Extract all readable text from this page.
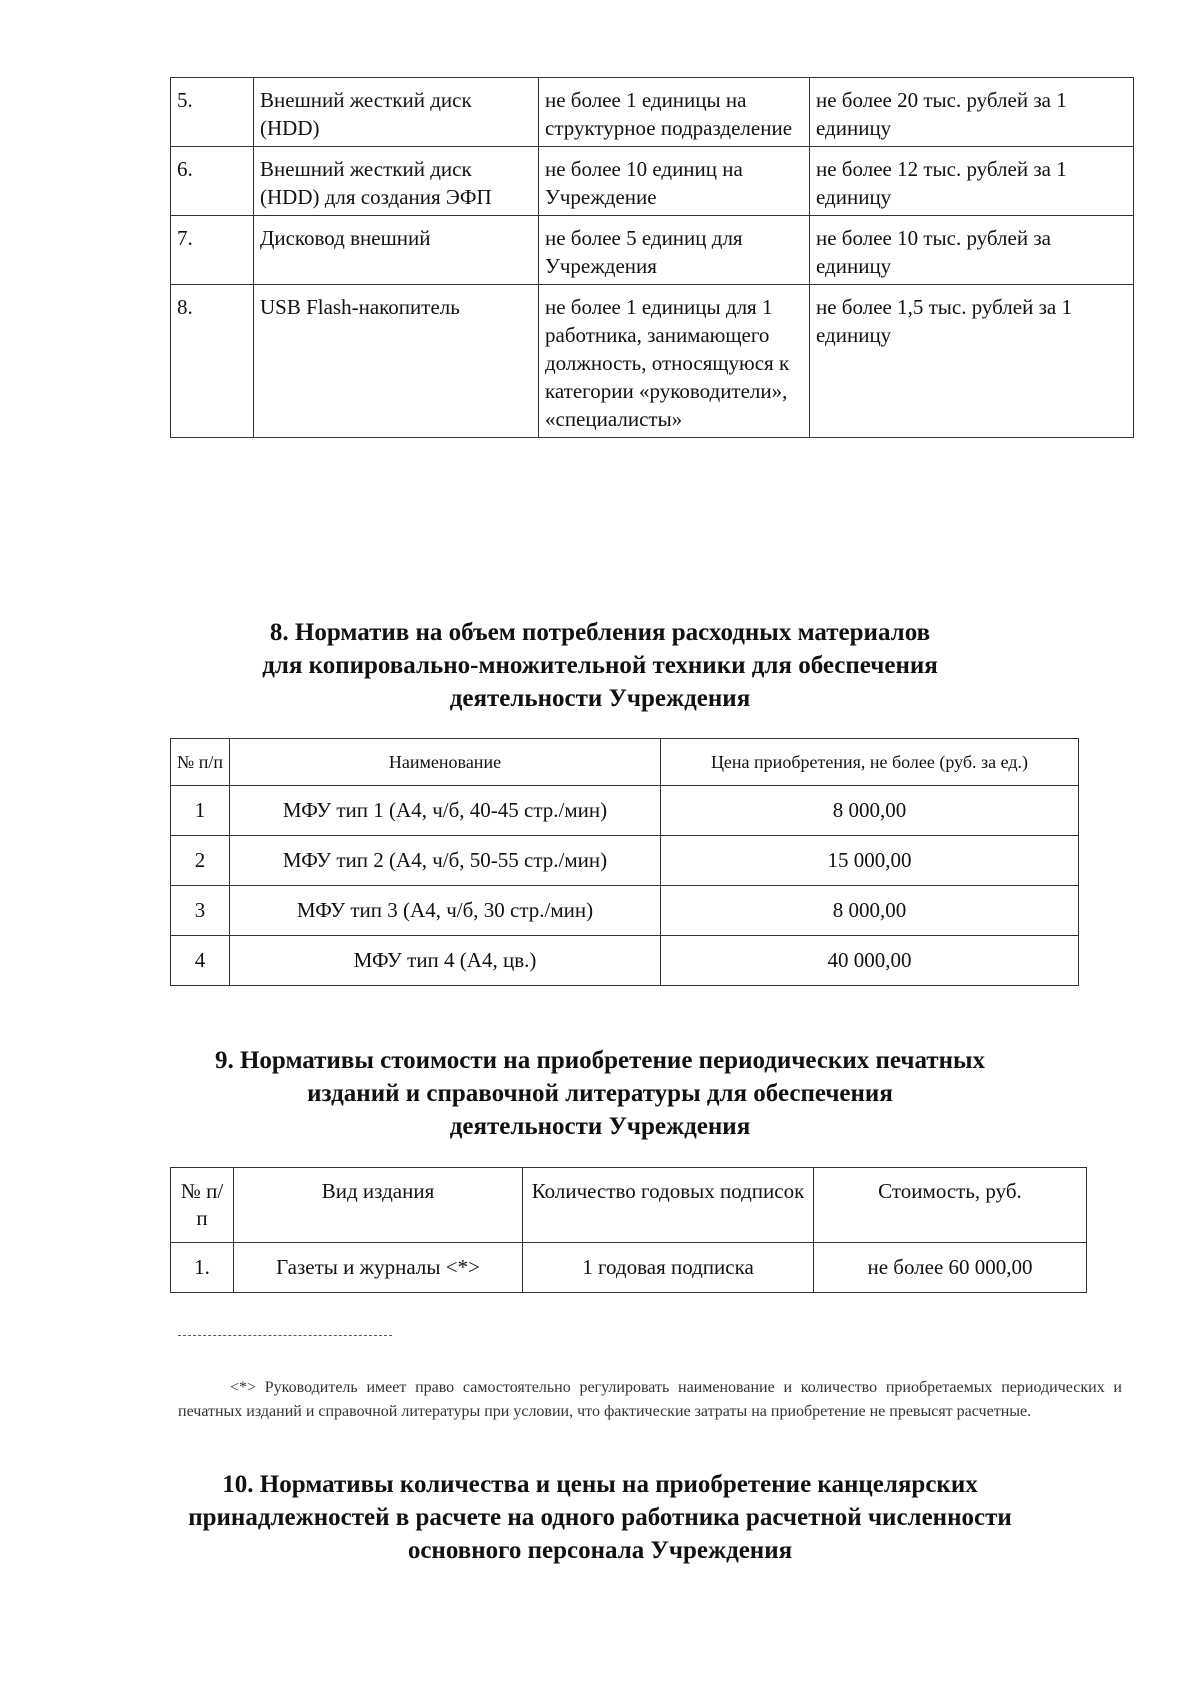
5.	Внешний жесткий диск (HDD)	не более 1 единицы на структурное подразделение	не более 20 тыс. рублей за 1 единицу
6.	Внешний жесткий диск (HDD) для создания ЭФП	не более 10 единиц на Учреждение	не более 12 тыс. рублей за 1 единицу
7.	Дисковод внешний	не более 5 единиц для Учреждения	не более 10 тыс. рублей за единицу
8.	USB Flash-накопитель	не более 1 единицы для 1 работника, занимающего должность, относящуюся к категории «руководители», «специалисты»	не более 1,5 тыс. рублей за 1 единицу
8. Норматив на объем потребления расходных материалов
для копировально-множительной техники для обеспечения
деятельности Учреждения
№ п/п	Наименование	Цена приобретения, не более (руб. за ед.)
1	МФУ тип 1 (А4, ч/б, 40-45 стр./мин)	8 000,00
2	МФУ тип 2 (А4, ч/б, 50-55 стр./мин)	15 000,00
3	МФУ тип 3 (А4, ч/б, 30 стр./мин)	8 000,00
4	МФУ тип 4 (А4, цв.)	40 000,00
9. Нормативы стоимости на приобретение периодических печатных
изданий и справочной литературы для обеспечения
деятельности Учреждения
№ п/п	Вид издания	Количество годовых подписок	Стоимость, руб.
1.	Газеты и журналы <*>	1 годовая подписка	не более 60 000,00

<*> Руководитель имеет право самостоятельно регулировать наименование и количество приобретаемых периодических и печатных изданий и справочной литературы при условии, что фактические затраты на приобретение не превысят расчетные.

10. Нормативы количества и цены на приобретение канцелярских
принадлежностей в расчете на одного работника расчетной численности
основного персонала Учреждения
